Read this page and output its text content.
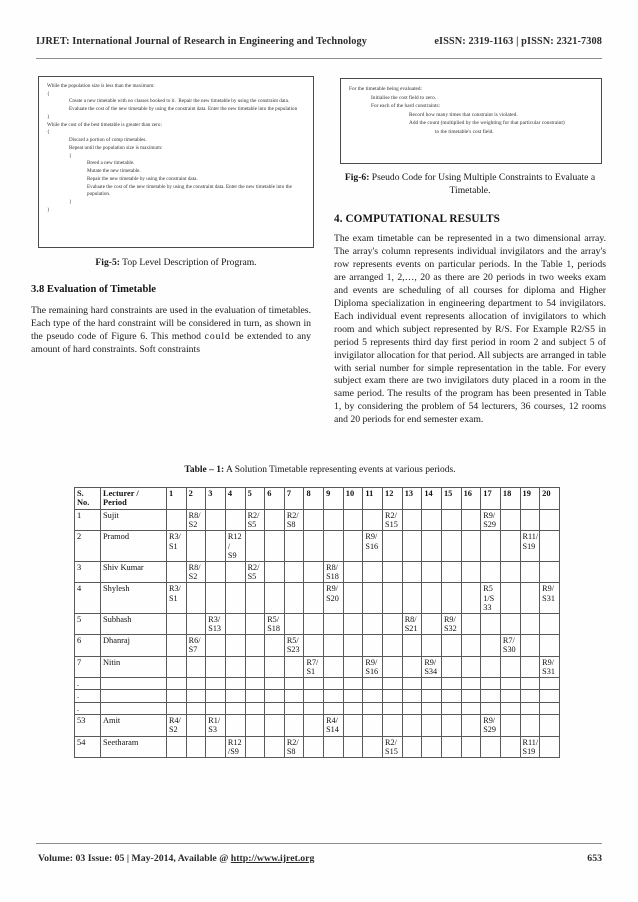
IJRET: International Journal of Research in Engineering and Technology	eISSN: 2319-1163 | pISSN: 2321-7308
While the population size is less than the maximum:
{
Create a new timetable with no classes booked to it.  Repair the new timetable by using the constraint data.
Evaluate the cost of the new timetable by using the constraint data. Enter the new timetable into the population
}
While the cost of the best timetable is greater than zero:
{
Discard a portion of comp timetables.
Repeat until the population size is maximum:
{
Breed a new timetable.
Mutate the new timetable.
Repair the new timetable by using the constraint data.
Evaluate the cost of the new timetable by using the constraint data. Enter the new timetable into the population.
}
}
Fig-5: Top Level Description of Program.
For the timetable being evaluated:
Initialise the cost field to zero.
For each of the hard constraints:
Record how many times that constraint is violated.
Add the count (multiplied by the weighting for that particular constraint)
to the timetable's cost field.
Fig-6: Pseudo Code for Using Multiple Constraints to Evaluate a Timetable.
3.8 Evaluation of Timetable
The remaining hard constraints are used in the evaluation of timetables. Each type of the hard constraint will be considered in turn, as shown in the pseudo code of Figure 6. This method could be extended to any amount of hard constraints. Soft constraints
4. COMPUTATIONAL RESULTS
The exam timetable can be represented in a two dimensional array. The array's column represents individual invigilators and the array's row represents events on particular periods. In the Table 1, periods are arranged 1, 2,…, 20 as there are 20 periods in two weeks exam and events are scheduling of all courses for diploma and Higher Diploma specialization in engineering department to 54 invigilators. Each individual event represents allocation of invigilators to which room and which subject represented by R/S. For Example R2/S5 in period 5 represents third day first period in room 2 and subject 5 of invigilator allocation for that period. All subjects are arranged in table with serial number for simple representation in the table. For every subject exam there are two invigilators duty placed in a room in the same period. The results of the program has been presented in Table 1, by considering the problem of 54 lecturers, 36 courses, 12 rooms and 20 periods for end semester exam.
Table – 1: A Solution Timetable representing events at various periods.
S.
No.	Lecturer /
Period	1	2	3	4	5	6	7	8	9	10	11	12	13	14	15	16	17	18	19	20
1	Sujit		R8/
S2			R2/
S5		R2/
S8					R2/
S15					R9/
S29			

2	Pramod	R3/
S1			R12
/
S9							R9/
S16								R11/
S19	

3	Shiv Kumar		R8/
S2			R2/
S5				R8/
S18											

4	Shylesh	R3/
S1								R9/
S20								R5
1/S
33			R9/
S31

5	Subhash			R3/
S13			R5/
S18							R8/
S21		R9/
S32					

6	Dhanraj		R6/
S7					R5/
S23											R7/
S30		

7	Nitin								R7/
S1			R9/
S16			R9/
S34						R9/
S31

.																					
.																					
.																					
53	Amit	R4/
S2		R1/
S3						R4/
S14								R9/
S29			

54	Seetharam				R12
/S9			R2/
S8					R2/
S15							R11/
S19	

Volume: 03 Issue: 05 | May-2014, Available @ http://www.ijret.org	653
